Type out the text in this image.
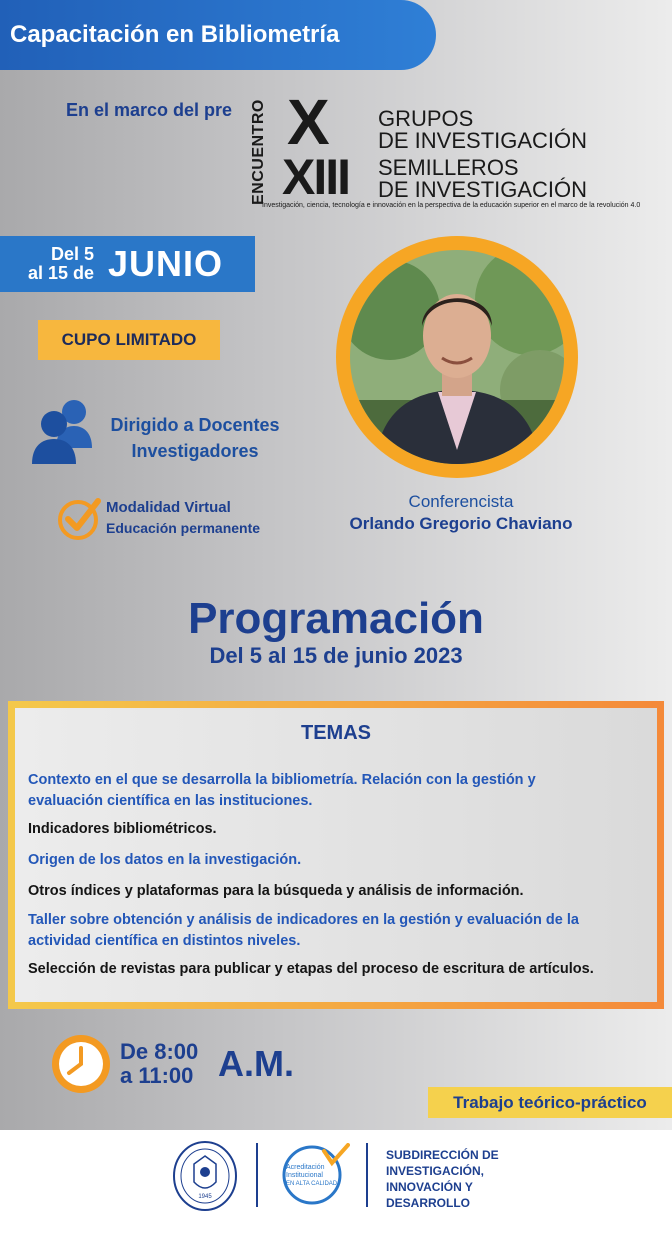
Capacitación en Bibliometría
En el marco del pre ENCUENTRO X
XIII
GRUPOS
DE INVESTIGACIÓN
SEMILLEROS
DE INVESTIGACIÓN
Investigación, ciencia, tecnología e innovación en la perspectiva de la educación superior en el marco de la revolución 4.0
Del 5
al 15 de JUNIO
CUPO LIMITADO
Dirigido a Docentes
Investigadores
Modalidad Virtual
Educación permanente
Conferencista
Orlando Gregorio Chaviano
Programación
Del 5 al 15 de junio 2023
TEMAS
Contexto en el que se desarrolla la bibliometría. Relación con la gestión y
evaluación científica en las instituciones.
Indicadores bibliométricos.
Origen de los datos en la investigación.
Otros índices y plataformas para la búsqueda y análisis de información.
Taller sobre obtención y análisis de indicadores en la gestión y evaluación de la
actividad científica en distintos niveles.
Selección de revistas para publicar y etapas del proceso de escritura de artículos.
De 8:00
a 11:00 A.M.
Trabajo teórico-práctico
1945
Acreditación
Institucional
EN ALTA CALIDAD
SUBDIRECCIÓN DE
INVESTIGACIÓN,
INNOVACIÓN Y
DESARROLLO
